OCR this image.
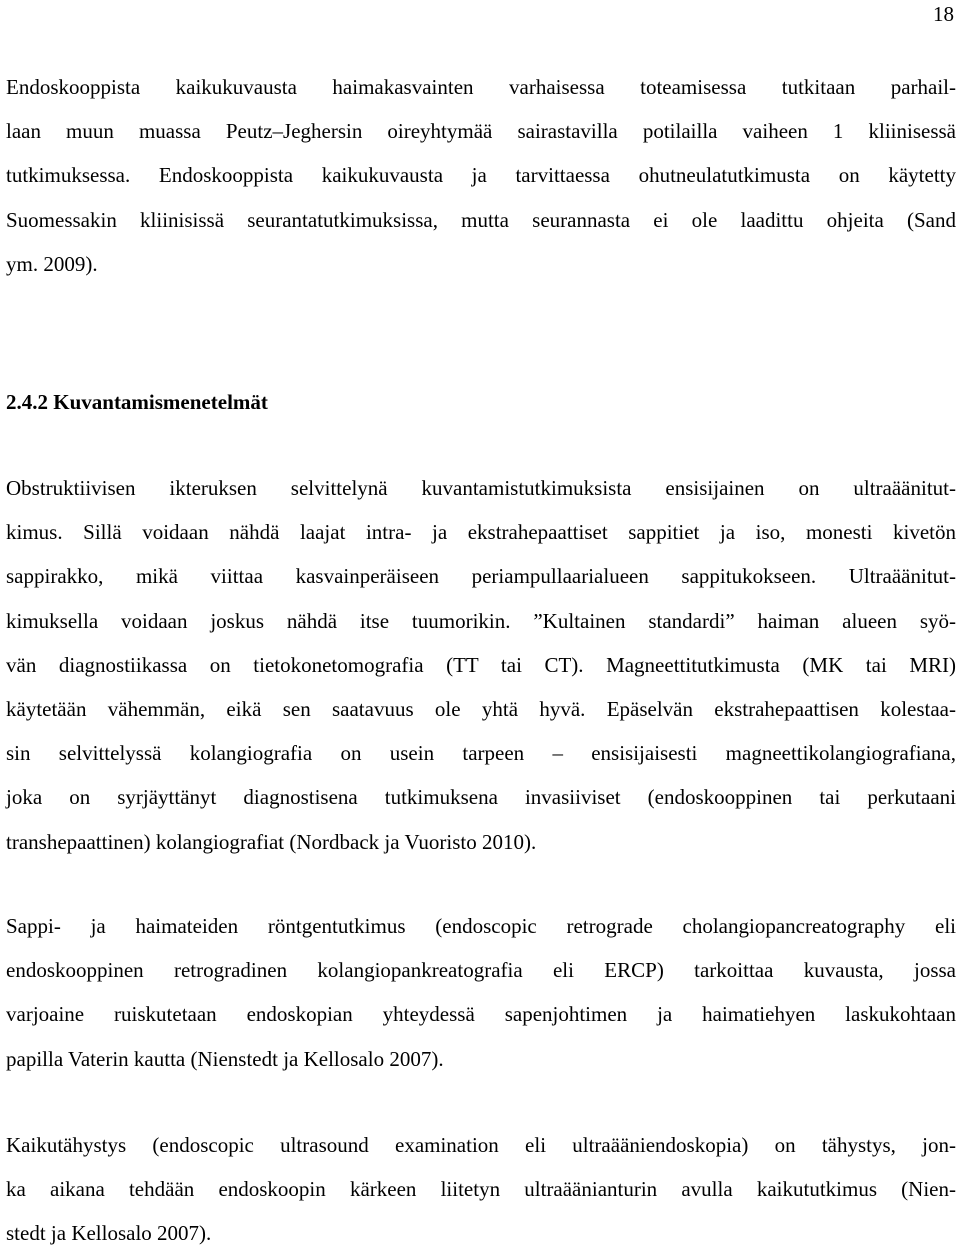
18
Endoskooppista kaikukuvausta haimakasvainten varhaisessa toteamisessa tutkitaan parhail-
laan muun muassa Peutz–Jeghersin oireyhtymää sairastavilla potilailla vaiheen 1 kliinisessä
tutkimuksessa. Endoskooppista kaikukuvausta ja tarvittaessa ohutneulatutkimusta on käytetty
Suomessakin kliinisissä seurantatutkimuksissa, mutta seurannasta ei ole laadittu ohjeita (Sand
ym. 2009).
2.4.2 Kuvantamismenetelmät
Obstruktiivisen ikteruksen selvittelynä kuvantamistutkimuksista ensisijainen on ultraäänitut-
kimus. Sillä voidaan nähdä laajat intra- ja ekstrahepaattiset sappitiet ja iso, monesti kivetön
sappirakko, mikä viittaa kasvainperäiseen periampullaarialueen sappitukokseen. Ultraäänitut-
kimuksella voidaan joskus nähdä itse tuumorikin. ”Kultainen standardi” haiman alueen syö-
vän diagnostiikassa on tietokonetomografia (TT tai CT). Magneettitutkimusta (MK tai MRI)
käytetään vähemmän, eikä sen saatavuus ole yhtä hyvä. Epäselvän ekstrahepaattisen kolestaa-
sin selvittelyssä kolangiografia on usein tarpeen – ensisijaisesti magneettikolangiografiana,
joka on syrjäyttänyt diagnostisena tutkimuksena invasiiviset (endoskooppinen tai perkutaani
transhepaattinen) kolangiografiat (Nordback ja Vuoristo 2010).
Sappi- ja haimateiden röntgentutkimus (endoscopic retrograde cholangiopancreatography eli
endoskooppinen retrogradinen kolangiopankreatografia eli ERCP) tarkoittaa kuvausta, jossa
varjoaine ruiskutetaan endoskopian yhteydessä sapenjohtimen ja haimatiehyen laskukohtaan
papilla Vaterin kautta (Nienstedt ja Kellosalo 2007).
Kaikutähystys (endoscopic ultrasound examination eli ultraääniendoskopia) on tähystys, jon-
ka aikana tehdään endoskoopin kärkeen liitetyn ultraäänianturin avulla kaikututkimus (Nien-
stedt ja Kellosalo 2007).
